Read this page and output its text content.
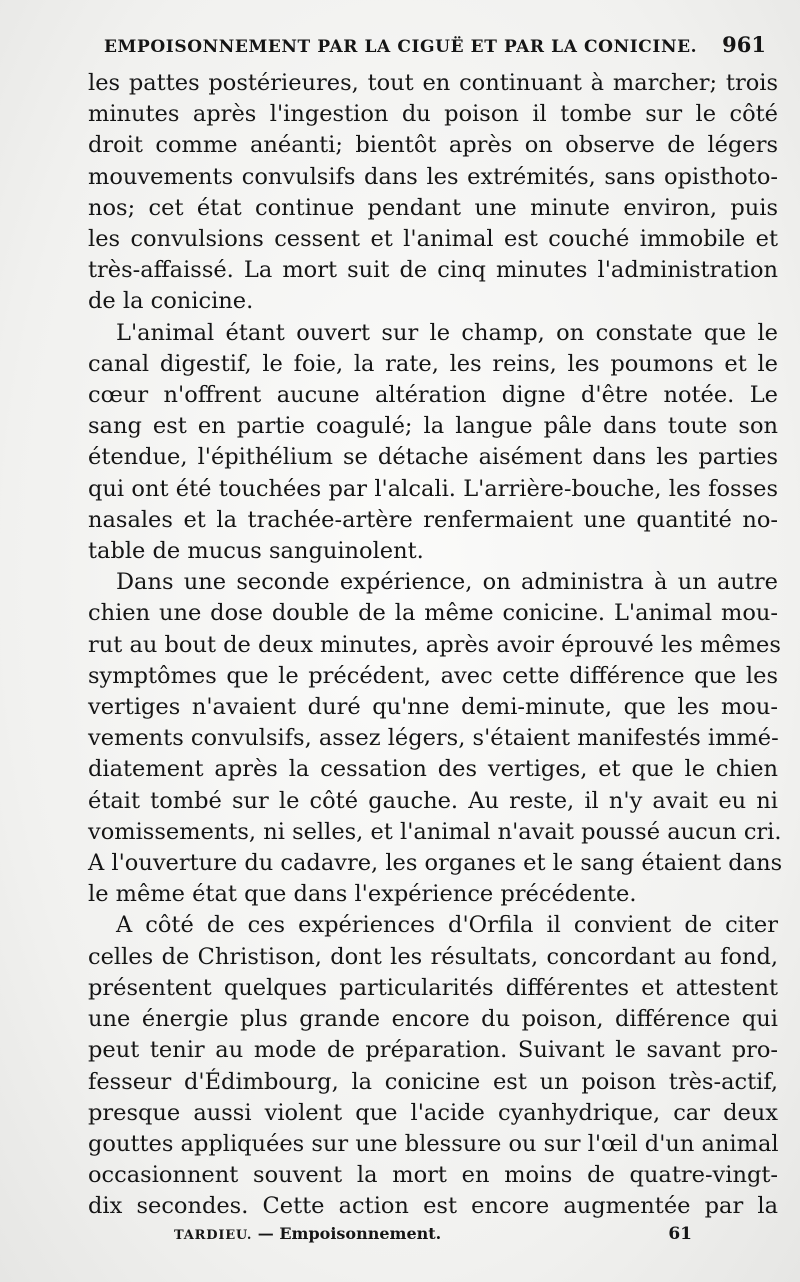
EMPOISONNEMENT PAR LA CIGUË ET PAR LA CONICINE. 961
les pattes postérieures, tout en continuant à marcher; trois
minutes après l'ingestion du poison il tombe sur le côté
droit comme anéanti; bientôt après on observe de légers
mouvements convulsifs dans les extrémités, sans opisthoto-
nos; cet état continue pendant une minute environ, puis
les convulsions cessent et l'animal est couché immobile et
très-affaissé. La mort suit de cinq minutes l'administration
de la conicine.
L'animal étant ouvert sur le champ, on constate que le
canal digestif, le foie, la rate, les reins, les poumons et le
cœur n'offrent aucune altération digne d'être notée. Le
sang est en partie coagulé; la langue pâle dans toute son
étendue, l'épithélium se détache aisément dans les parties
qui ont été touchées par l'alcali. L'arrière-bouche, les fosses
nasales et la trachée-artère renfermaient une quantité no-
table de mucus sanguinolent.
Dans une seconde expérience, on administra à un autre
chien une dose double de la même conicine. L'animal mou-
rut au bout de deux minutes, après avoir éprouvé les mêmes
symptômes que le précédent, avec cette différence que les
vertiges n'avaient duré qu'nne demi-minute, que les mou-
vements convulsifs, assez légers, s'étaient manifestés immé-
diatement après la cessation des vertiges, et que le chien
était tombé sur le côté gauche. Au reste, il n'y avait eu ni
vomissements, ni selles, et l'animal n'avait poussé aucun cri.
A l'ouverture du cadavre, les organes et le sang étaient dans
le même état que dans l'expérience précédente.
A côté de ces expériences d'Orfila il convient de citer
celles de Christison, dont les résultats, concordant au fond,
présentent quelques particularités différentes et attestent
une énergie plus grande encore du poison, différence qui
peut tenir au mode de préparation. Suivant le savant pro-
fesseur d'Édimbourg, la conicine est un poison très-actif,
presque aussi violent que l'acide cyanhydrique, car deux
gouttes appliquées sur une blessure ou sur l'œil d'un animal
occasionnent souvent la mort en moins de quatre-vingt-
dix secondes. Cette action est encore augmentée par la
TARDIEU. — Empoisonnement.	61
